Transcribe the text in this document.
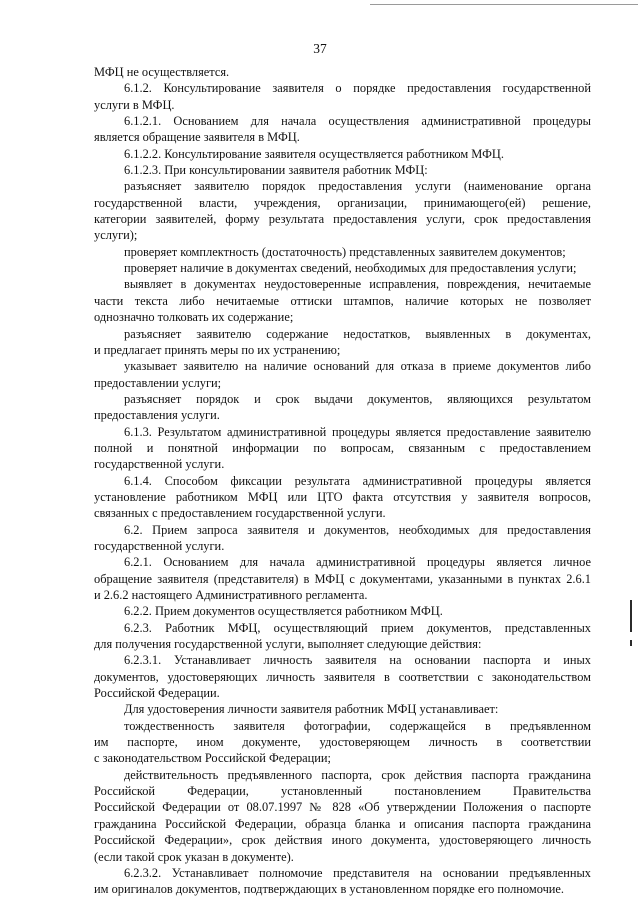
37
МФЦ не осуществляется.
6.1.2. Консультирование заявителя о порядке предоставления государственной
услуги в МФЦ.
6.1.2.1. Основанием для начала осуществления административной процедуры
является обращение заявителя в МФЦ.
6.1.2.2. Консультирование заявителя осуществляется работником МФЦ.
6.1.2.3. При консультировании заявителя работник МФЦ:
разъясняет заявителю порядок предоставления услуги (наименование органа
государственной власти, учреждения, организации, принимающего(ей) решение,
категории заявителей, форму результата предоставления услуги, срок предоставления
услуги);
проверяет комплектность (достаточность) представленных заявителем документов;
проверяет наличие в документах сведений, необходимых для предоставления услуги;
выявляет в документах неудостоверенные исправления, повреждения, нечитаемые
части текста либо нечитаемые оттиски штампов, наличие которых не позволяет
однозначно толковать их содержание;
разъясняет заявителю содержание недостатков, выявленных в документах,
и предлагает принять меры по их устранению;
указывает заявителю на наличие оснований для отказа в приеме документов либо
предоставлении услуги;
разъясняет порядок и срок выдачи документов, являющихся результатом
предоставления услуги.
6.1.3. Результатом административной процедуры является предоставление заявителю
полной и понятной информации по вопросам, связанным с предоставлением
государственной услуги.
6.1.4. Способом фиксации результата административной процедуры является
установление работником МФЦ или ЦТО факта отсутствия у заявителя вопросов,
связанных с предоставлением государственной услуги.
6.2. Прием запроса заявителя и документов, необходимых для предоставления
государственной услуги.
6.2.1. Основанием для начала административной процедуры является личное
обращение заявителя (представителя) в МФЦ с документами, указанными в пунктах 2.6.1
и 2.6.2 настоящего Административного регламента.
6.2.2. Прием документов осуществляется работником МФЦ.
6.2.3. Работник МФЦ, осуществляющий прием документов, представленных
для получения государственной услуги, выполняет следующие действия:
6.2.3.1. Устанавливает личность заявителя на основании паспорта и иных
документов, удостоверяющих личность заявителя в соответствии с законодательством
Российской Федерации.
Для удостоверения личности заявителя работник МФЦ устанавливает:
тождественность заявителя фотографии, содержащейся в предъявленном
им паспорте, ином документе, удостоверяющем личность в соответствии
с законодательством Российской Федерации;
действительность предъявленного паспорта, срок действия паспорта гражданина
Российской Федерации, установленный постановлением Правительства
Российской Федерации от 08.07.1997 № 828 «Об утверждении Положения о паспорте
гражданина Российской Федерации, образца бланка и описания паспорта гражданина
Российской Федерации», срок действия иного документа, удостоверяющего личность
(если такой срок указан в документе).
6.2.3.2. Устанавливает полномочие представителя на основании предъявленных
им оригиналов документов, подтверждающих в установленном порядке его полномочие.
